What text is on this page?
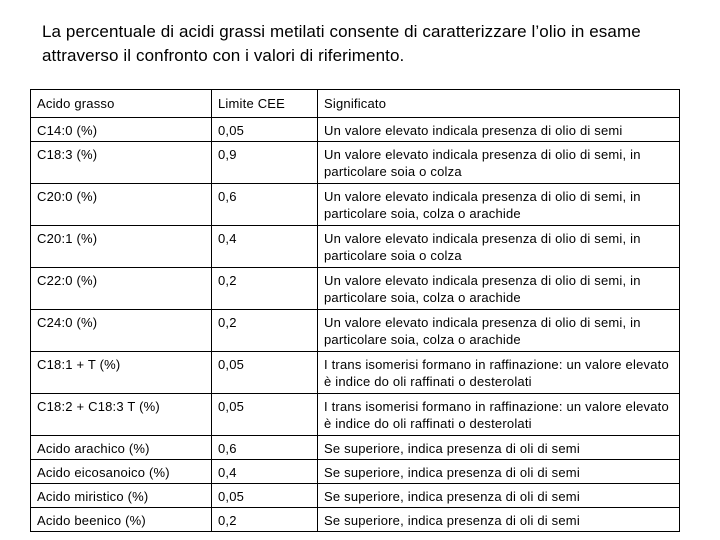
La percentuale di acidi grassi metilati consente di caratterizzare l’olio in esame attraverso il confronto con i valori di riferimento.

Acido grasso	Limite CEE	Significato
C14:0 (%)	0,05	Un valore elevato indicala presenza di olio di semi
C18:3 (%)	0,9	Un valore elevato indicala presenza di olio di semi, in particolare soia o colza
C20:0 (%)	0,6	Un valore elevato indicala presenza di olio di semi, in particolare soia, colza o arachide
C20:1 (%)	0,4	Un valore elevato indicala presenza di olio di semi, in particolare soia o colza
C22:0 (%)	0,2	Un valore elevato indicala presenza di olio di semi, in particolare soia, colza o arachide
C24:0 (%)	0,2	Un valore elevato indicala presenza di olio di semi, in particolare soia, colza o arachide
C18:1 + T (%)	0,05	I trans isomerisi formano in raffinazione: un valore elevato è indice do oli raffinati o desterolati
C18:2 + C18:3 T (%)	0,05	I trans isomerisi formano in raffinazione: un valore elevato è indice do oli raffinati o desterolati
Acido arachico (%)	0,6	Se superiore, indica presenza di oli di semi
Acido eicosanoico (%)	0,4	Se superiore, indica presenza di oli di semi
Acido miristico (%)	0,05	Se superiore, indica presenza di oli di semi
Acido beenico (%)	0,2	Se superiore, indica presenza di oli di semi
